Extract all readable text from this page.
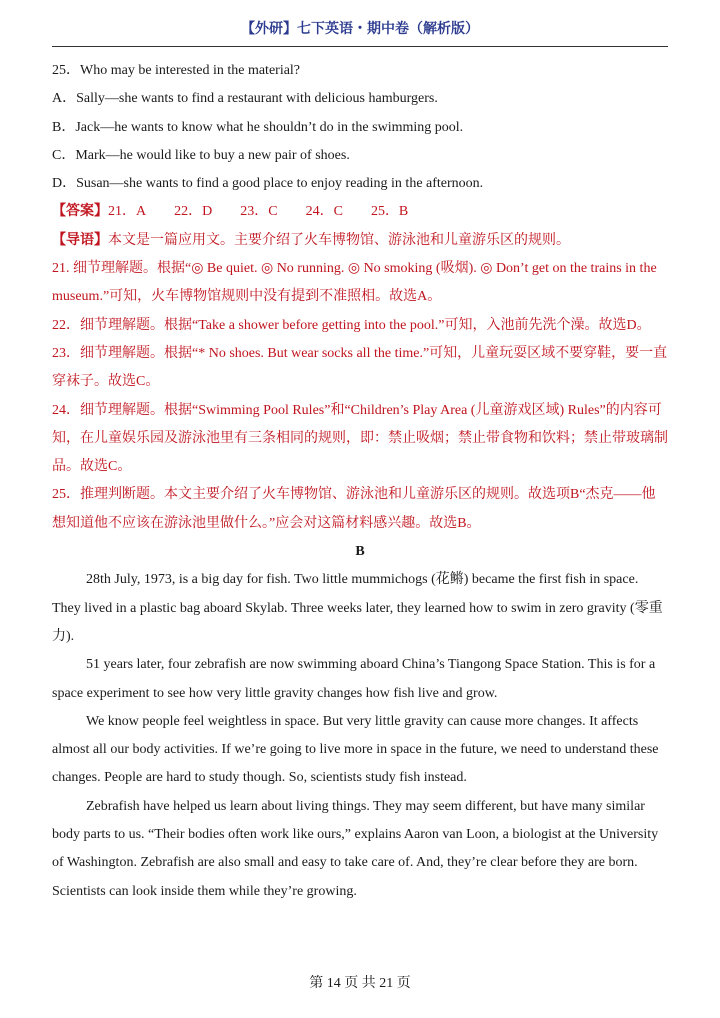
【外研】七下英语・期中卷（解析版）

25．Who may be interested in the material?

A．Sally—she wants to find a restaurant with delicious hamburgers.

B．Jack—he wants to know what he shouldn’t do in the swimming pool.

C．Mark—he would like to buy a new pair of shoes.

D．Susan—she wants to find a good place to enjoy reading in the afternoon.

【答案】21．A 22．D 23．C 24．C 25．B

【导语】本文是一篇应用文。主要介绍了火车博物馆、游泳池和儿童游乐区的规则。

21. 细节理解题。根据“◎ Be quiet. ◎ No running. ◎ No smoking (吸烟). ◎ Don’t get on the trains in the museum.”可知，火车博物馆规则中没有提到不准照相。故选A。

22．细节理解题。根据“Take a shower before getting into the pool.”可知，入池前先洗个澡。故选D。

23．细节理解题。根据“* No shoes. But wear socks all the time.”可知，儿童玩耍区域不要穿鞋，要一直穿袜子。故选C。

24．细节理解题。根据“Swimming Pool Rules”和“Children’s Play Area (儿童游戏区域) Rules”的内容可知，在儿童娱乐园及游泳池里有三条相同的规则，即：禁止吸烟；禁止带食物和饮料；禁止带玻璃制品。故选C。

25．推理判断题。本文主要介绍了火车博物馆、游泳池和儿童游乐区的规则。故选项B“杰克——他想知道他不应该在游泳池里做什么。”应会对这篇材料感兴趣。故选B。

B

28th July, 1973, is a big day for fish. Two little mummichogs (花鳉) became the first fish in space. They lived in a plastic bag aboard Skylab. Three weeks later, they learned how to swim in zero gravity (零重力).

51 years later, four zebrafish are now swimming aboard China’s Tiangong Space Station. This is for a space experiment to see how very little gravity changes how fish live and grow.

We know people feel weightless in space. But very little gravity can cause more changes. It affects almost all our body activities. If we’re going to live more in space in the future, we need to understand these changes. People are hard to study though. So, scientists study fish instead.

Zebrafish have helped us learn about living things. They may seem different, but have many similar body parts to us. “Their bodies often work like ours,” explains Aaron van Loon, a biologist at the University of Washington. Zebrafish are also small and easy to take care of. And, they’re clear before they are born. Scientists can look inside them while they’re growing.

第 14 页 共 21 页
